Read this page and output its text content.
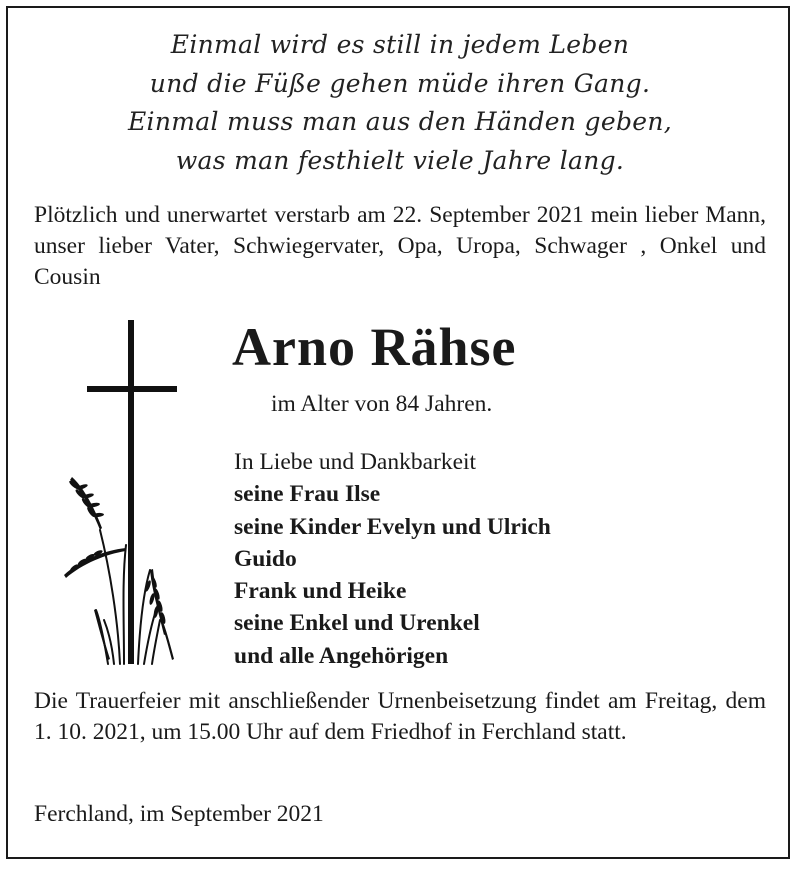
Einmal wird es still in jedem Leben
und die Füße gehen müde ihren Gang.
Einmal muss man aus den Händen geben,
was man festhielt viele Jahre lang.
Plötzlich und unerwartet verstarb am 22. September 2021 mein lieber Mann, unser lieber Vater, Schwiegervater, Opa, Uropa, Schwager , Onkel und Cousin
Arno Rähse
im Alter von 84 Jahren.
In Liebe und Dankbarkeit
seine Frau Ilse
seine Kinder Evelyn und Ulrich
Guido
Frank und Heike
seine Enkel und Urenkel
und alle Angehörigen
Die Trauerfeier mit anschließender Urnenbeisetzung findet am Freitag, dem 1. 10. 2021, um 15.00 Uhr auf dem Friedhof in Ferchland statt.
Ferchland, im September 2021
